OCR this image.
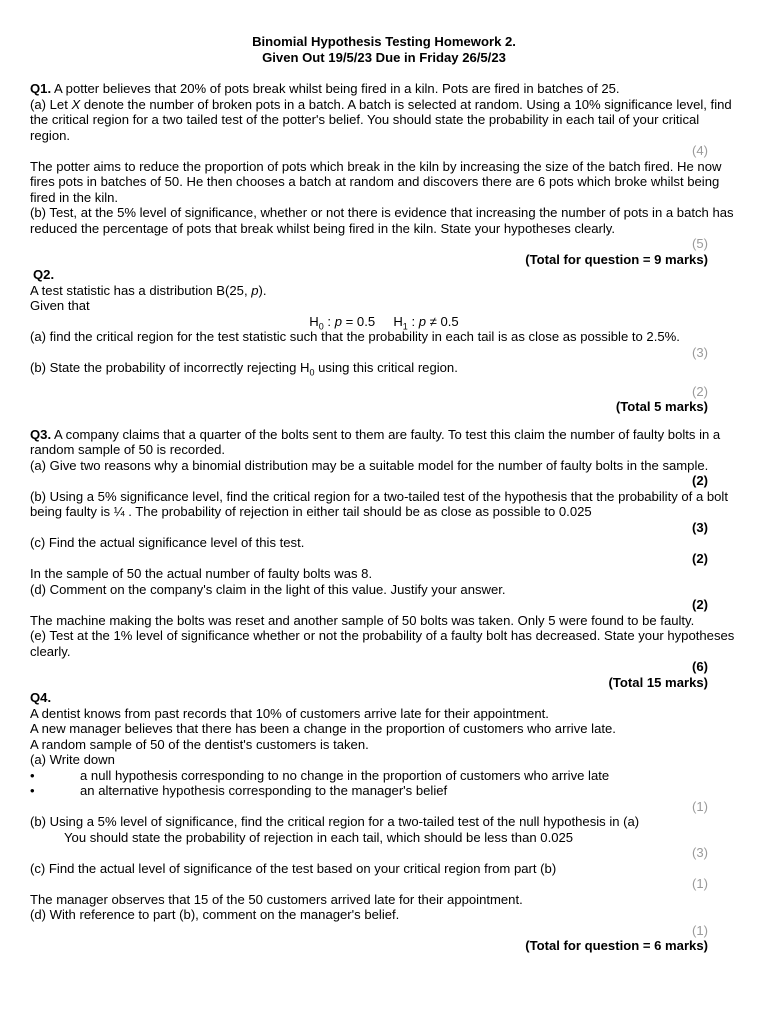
Binomial Hypothesis Testing Homework 2.
Given Out 19/5/23 Due in Friday 26/5/23

Q1. A potter believes that 20% of pots break whilst being fired in a kiln. Pots are fired in batches of 25.

(a) Let X denote the number of broken pots in a batch. A batch is selected at random. Using a 10% significance level, find the critical region for a two tailed test of the potter's belief. You should state the probability in each tail of your critical region.

(4)

The potter aims to reduce the proportion of pots which break in the kiln by increasing the size of the batch fired. He now fires pots in batches of 50. He then chooses a batch at random and discovers there are 6 pots which broke whilst being fired in the kiln.

(b) Test, at the 5% level of significance, whether or not there is evidence that increasing the number of pots in a batch has reduced the percentage of pots that break whilst being fired in the kiln. State your hypotheses clearly.

(5)

(Total for question = 9 marks)

Q2.

A test statistic has a distribution B(25, p).

Given that

$H_0$ : p = 0.5 $H_1$ : p ≠ 0.5

(a) find the critical region for the test statistic such that the probability in each tail is as close as possible to 2.5%.

(3)

(b) State the probability of incorrectly rejecting $H_0$ using this critical region.

(2)

(Total 5 marks)

Q3. A company claims that a quarter of the bolts sent to them are faulty. To test this claim the number of faulty bolts in a random sample of 50 is recorded.

(a) Give two reasons why a binomial distribution may be a suitable model for the number of faulty bolts in the sample.

(2)

(b) Using a 5% significance level, find the critical region for a two-tailed test of the hypothesis that the probability of a bolt being faulty is ¼ . The probability of rejection in either tail should be as close as possible to 0.025

(3)

(c) Find the actual significance level of this test.

(2)

In the sample of 50 the actual number of faulty bolts was 8.

(d) Comment on the company's claim in the light of this value. Justify your answer.

(2)

The machine making the bolts was reset and another sample of 50 bolts was taken. Only 5 were found to be faulty.

(e) Test at the 1% level of significance whether or not the probability of a faulty bolt has decreased. State your hypotheses clearly.

(6)

(Total 15 marks)

Q4.

A dentist knows from past records that 10% of customers arrive late for their appointment.

A new manager believes that there has been a change in the proportion of customers who arrive late.

A random sample of 50 of the dentist's customers is taken.

(a) Write down

•	a null hypothesis corresponding to no change in the proportion of customers who arrive late

•	an alternative hypothesis corresponding to the manager's belief

(1)

(b) Using a 5% level of significance, find the critical region for a two-tailed test of the null hypothesis in (a)

You should state the probability of rejection in each tail, which should be less than 0.025

(3)

(c) Find the actual level of significance of the test based on your critical region from part (b)

(1)

The manager observes that 15 of the 50 customers arrived late for their appointment.

(d) With reference to part (b), comment on the manager's belief.

(1)

(Total for question = 6 marks)
